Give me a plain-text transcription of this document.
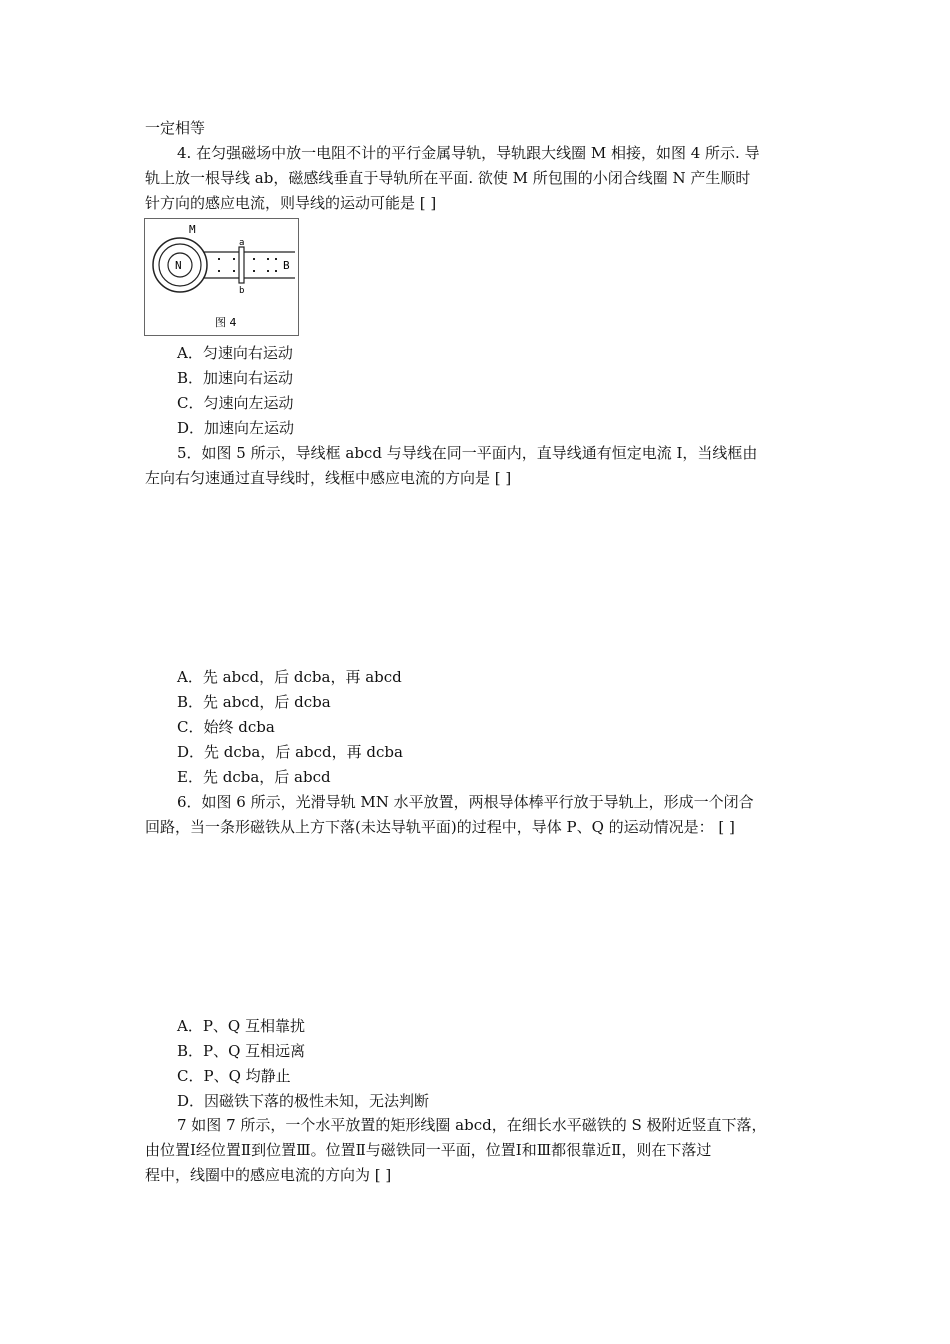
一定相等
4. 在匀强磁场中放一电阻不计的平行金属导轨，导轨跟大线圈 M 相接，如图 4 所示. 导
轨上放一根导线 ab，磁感线垂直于导轨所在平面. 欲使 M 所包围的小闭合线圈 N 产生顺时
针方向的感应电流，则导线的运动可能是 [ ]
M
N
a
b
B
图 4
A．匀速向右运动
B．加速向右运动
C．匀速向左运动
D．加速向左运动
5．如图 5 所示，导线框 abcd 与导线在同一平面内，直导线通有恒定电流 I，当线框由
左向右匀速通过直导线时，线框中感应电流的方向是 [ ]
A．先 abcd，后 dcba，再 abcd
B．先 abcd，后 dcba
C．始终 dcba
D．先 dcba，后 abcd，再 dcba
E．先 dcba，后 abcd
6．如图 6 所示，光滑导轨 MN 水平放置，两根导体棒平行放于导轨上，形成一个闭合
回路，当一条形磁铁从上方下落(未达导轨平面)的过程中，导体 P、Q 的运动情况是： [ ]
A．P、Q 互相靠扰
B．P、Q 互相远离
C．P、Q 均静止
D．因磁铁下落的极性未知，无法判断
7 如图 7 所示，一个水平放置的矩形线圈 abcd，在细长水平磁铁的 S 极附近竖直下落，
由位置Ⅰ经位置Ⅱ到位置Ⅲ。位置Ⅱ与磁铁同一平面，位置Ⅰ和Ⅲ都很靠近Ⅱ，则在下落过
程中，线圈中的感应电流的方向为 [ ]
